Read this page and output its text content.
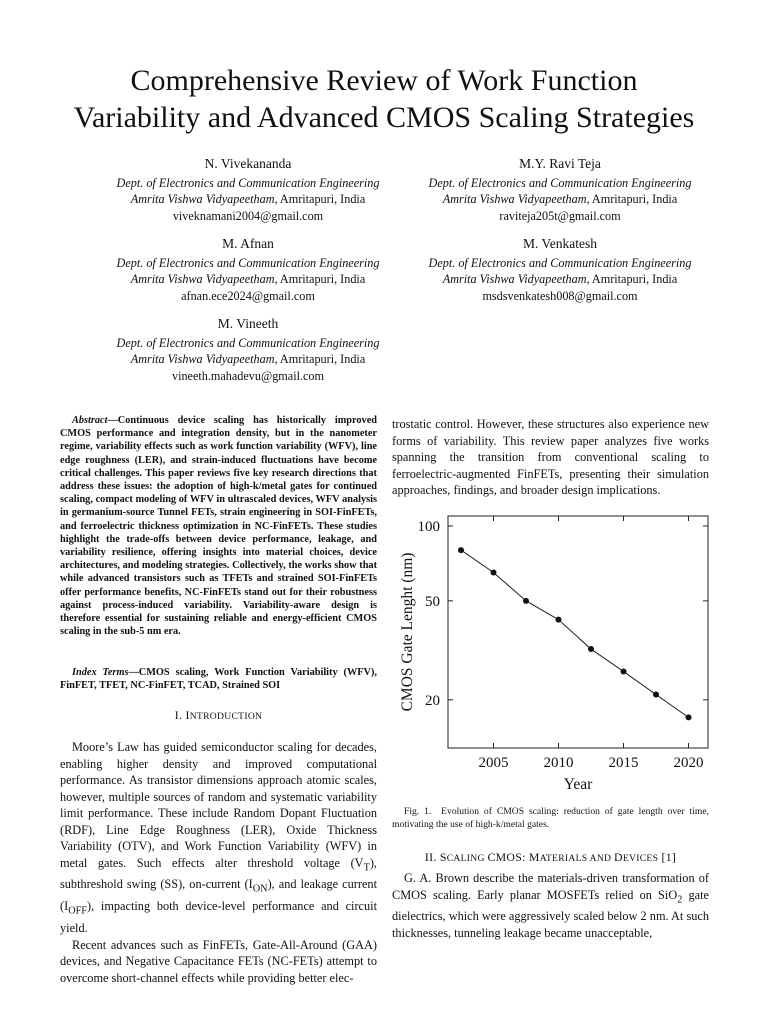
Comprehensive Review of Work Function
Variability and Advanced CMOS Scaling Strategies
N. Vivekananda
Dept. of Electronics and Communication Engineering
Amrita Vishwa Vidyapeetham, Amritapuri, India
viveknamani2004@gmail.com
M.Y. Ravi Teja
Dept. of Electronics and Communication Engineering
Amrita Vishwa Vidyapeetham, Amritapuri, India
raviteja205t@gmail.com
M. Afnan
Dept. of Electronics and Communication Engineering
Amrita Vishwa Vidyapeetham, Amritapuri, India
afnan.ece2024@gmail.com
M. Venkatesh
Dept. of Electronics and Communication Engineering
Amrita Vishwa Vidyapeetham, Amritapuri, India
msdsvenkatesh008@gmail.com
M. Vineeth
Dept. of Electronics and Communication Engineering
Amrita Vishwa Vidyapeetham, Amritapuri, India
vineeth.mahadevu@gmail.com
Abstract—Continuous device scaling has historically improved CMOS performance and integration density, but in the nanometer regime, variability effects such as work function variability (WFV), line edge roughness (LER), and strain-induced fluctuations have become critical challenges. This paper reviews five key research directions that address these issues: the adoption of high-k/metal gates for continued scaling, compact modeling of WFV in ultrascaled devices, WFV analysis in germanium-source Tunnel FETs, strain engineering in SOI-FinFETs, and ferroelectric thickness optimization in NC-FinFETs. These studies highlight the trade-offs between device performance, leakage, and variability resilience, offering insights into material choices, device architectures, and modeling strategies. Collectively, the works show that while advanced transistors such as TFETs and strained SOI-FinFETs offer performance benefits, NC-FinFETs stand out for their robustness against process-induced variability. Variability-aware design is therefore essential for sustaining reliable and energy-efficient CMOS scaling in the sub-5 nm era.
Index Terms—CMOS scaling, Work Function Variability (WFV), FinFET, TFET, NC-FinFET, TCAD, Strained SOI
I. INTRODUCTION

Moore’s Law has guided semiconductor scaling for decades, enabling higher density and improved computational performance. As transistor dimensions approach atomic scales, however, multiple sources of random and systematic variability limit performance. These include Random Dopant Fluctuation (RDF), Line Edge Roughness (LER), Oxide Thickness Variability (OTV), and Work Function Variability (WFV) in metal gates. Such effects alter threshold voltage $(V_T)$, subthreshold swing (SS), on-current $(I_{ON})$, and leakage current $(I_{OFF})$, impacting both device-level performance and circuit yield.

Recent advances such as FinFETs, Gate-All-Around (GAA) devices, and Negative Capacitance FETs (NC-FETs) attempt to overcome short-channel effects while providing better elec-

trostatic control. However, these structures also experience new forms of variability. This review paper analyzes five works spanning the transition from conventional scaling to ferroelectric-augmented FinFETs, presenting their simulation approaches, findings, and broader design implications.

2005 2010 2015 2020
20
50
100
Year
CMOS Gate Lenght (nm)
Fig. 1. Evolution of CMOS scaling: reduction of gate length over time, motivating the use of high-k/metal gates.
II. SCALING CMOS: MATERIALS AND DEVICES [1]

G. A. Brown describe the materials-driven transformation of CMOS scaling. Early planar MOSFETs relied on SiO$_2$ gate dielectrics, which were aggressively scaled below 2 nm. At such thicknesses, tunneling leakage became unacceptable,
